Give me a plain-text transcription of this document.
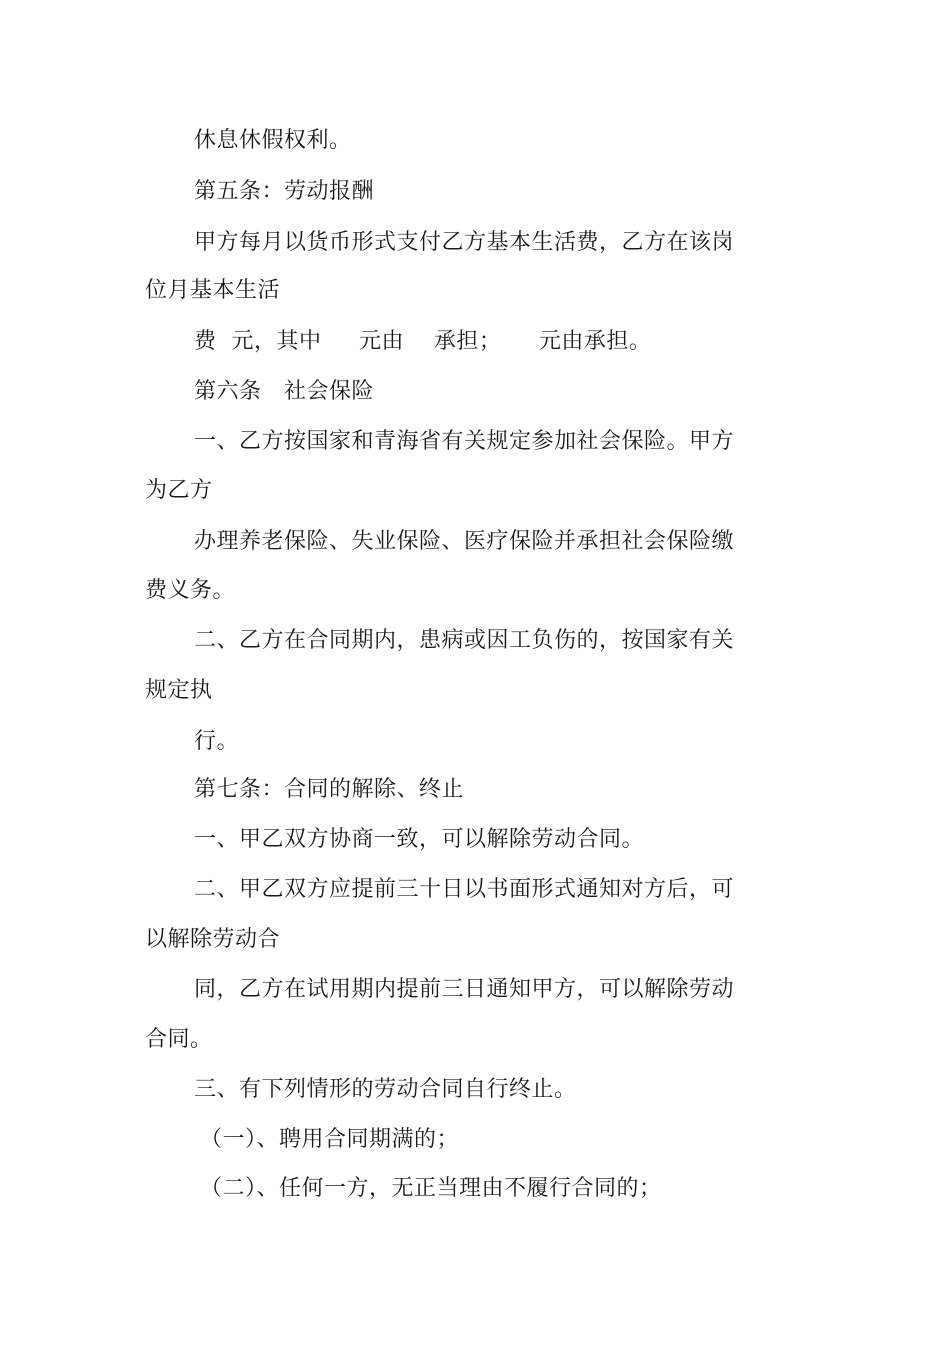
休息休假权利。
第五条：劳动报酬
甲方每月以货币形式支付乙方基本生活费，乙方在该岗
位月基本生活
费  元，其中     元由    承担；     元由承担。
第六条   社会保险
一、乙方按国家和青海省有关规定参加社会保险。甲方
为乙方
办理养老保险、失业保险、医疗保险并承担社会保险缴
费义务。
二、乙方在合同期内，患病或因工负伤的，按国家有关
规定执
行。
第七条：合同的解除、终止
一、甲乙双方协商一致，可以解除劳动合同。
二、甲乙双方应提前三十日以书面形式通知对方后，可
以解除劳动合
同，乙方在试用期内提前三日通知甲方，可以解除劳动
合同。
三、有下列情形的劳动合同自行终止。
（一）、聘用合同期满的；
（二）、任何一方，无正当理由不履行合同的；
